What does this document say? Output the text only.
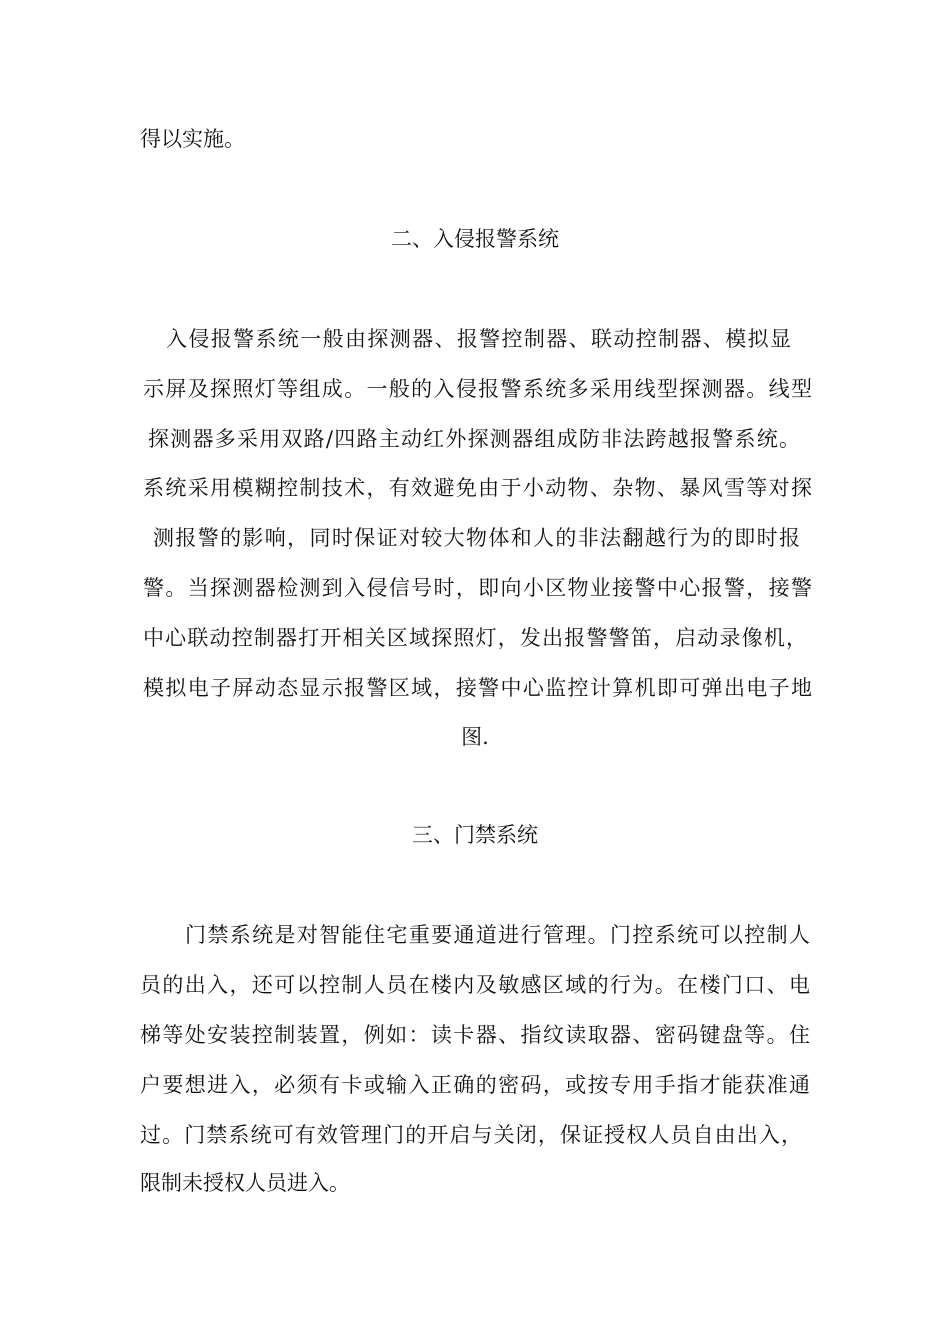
得以实施。
二、入侵报警系统
入侵报警系统一般由探测器、报警控制器、联动控制器、模拟显
示屏及探照灯等组成。一般的入侵报警系统多采用线型探测器。线型
探测器多采用双路/四路主动红外探测器组成防非法跨越报警系统。
系统采用模糊控制技术，有效避免由于小动物、杂物、暴风雪等对探
测报警的影响，同时保证对较大物体和人的非法翻越行为的即时报
警。当探测器检测到入侵信号时，即向小区物业接警中心报警，接警
中心联动控制器打开相关区域探照灯，发出报警警笛，启动录像机，
模拟电子屏动态显示报警区域，接警中心监控计算机即可弹出电子地
图.
三、门禁系统
门禁系统是对智能住宅重要通道进行管理。门控系统可以控制人
员的出入，还可以控制人员在楼内及敏感区域的行为。在楼门口、电
梯等处安装控制装置，例如：读卡器、指纹读取器、密码键盘等。住
户要想进入，必须有卡或输入正确的密码，或按专用手指才能获准通
过。门禁系统可有效管理门的开启与关闭，保证授权人员自由出入，
限制未授权人员进入。
